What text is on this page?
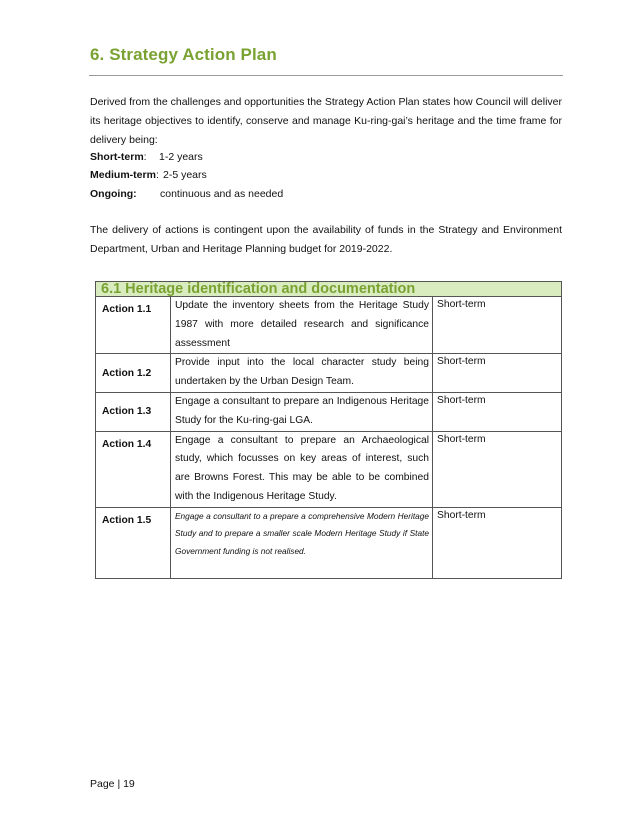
6. Strategy Action Plan
Derived from the challenges and opportunities the Strategy Action Plan states how Council will deliver its heritage objectives to identify, conserve and manage Ku-ring-gai’s heritage and the time frame for delivery being:
Short-term: 1-2 years
Medium-term: 2-5 years
Ongoing: continuous and as needed
The delivery of actions is contingent upon the availability of funds in the Strategy and Environment Department, Urban and Heritage Planning budget for 2019-2022.
6.1 Heritage identification and documentation		

Action 1.1	Update the inventory sheets from the Heritage Study 1987 with more detailed research and significance assessment	Short-term

Action 1.2	Provide input into the local character study being undertaken by the Urban Design Team.	Short-term

Action 1.3	Engage a consultant to prepare an Indigenous Heritage Study for the Ku-ring-gai LGA.	Short-term

Action 1.4	Engage a consultant to prepare an Archaeological study, which focusses on key areas of interest, such are Browns Forest. This may be able to be combined with the Indigenous Heritage Study.	Short-term

Action 1.5	Engage a consultant to a prepare a comprehensive Modern Heritage Study and to prepare a smaller scale Modern Heritage Study if State Government funding is not realised.	Short-term
Page | 19
